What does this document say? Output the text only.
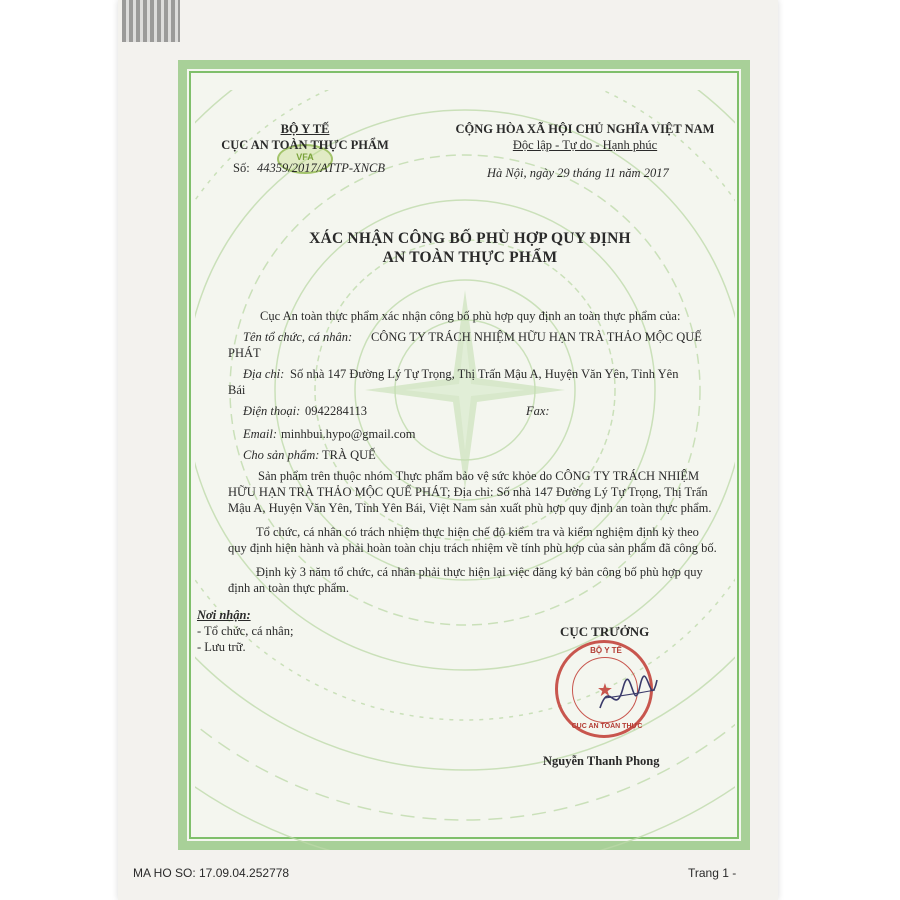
VFA
BỘ Y TẾ
CỤC AN TOÀN THỰC PHẨM
Số: 44359/2017/ATTP-XNCB
CỘNG HÒA XÃ HỘI CHỦ NGHĨA VIỆT NAM
Độc lập - Tự do - Hạnh phúc
Hà Nội, ngày 29 tháng 11 năm 2017
XÁC NHẬN CÔNG BỐ PHÙ HỢP QUY ĐỊNH
AN TOÀN THỰC PHẨM
Cục An toàn thực phẩm xác nhận công bố phù hợp quy định an toàn thực phẩm của:
Tên tổ chức, cá nhân: CÔNG TY TRÁCH NHIỆM HỮU HẠN TRÀ THẢO MỘC QUẾ
PHÁT
Địa chỉ: Số nhà 147 Đường Lý Tự Trọng, Thị Trấn Mậu A, Huyện Văn Yên, Tỉnh Yên
Bái
Điện thoại: 0942284113	Fax:
Email: minhbui.hypo@gmail.com
Cho sản phẩm: TRÀ QUẾ
Sản phẩm trên thuộc nhóm Thực phẩm bảo vệ sức khỏe do CÔNG TY TRÁCH NHIỆM
HỮU HẠN TRÀ THẢO MỘC QUẾ PHÁT; Địa chỉ: Số nhà 147 Đường Lý Tự Trọng, Thị Trấn
Mậu A, Huyện Văn Yên, Tỉnh Yên Bái, Việt Nam sản xuất phù hợp quy định an toàn thực phẩm.
Tổ chức, cá nhân có trách nhiệm thực hiện chế độ kiểm tra và kiểm nghiệm định kỳ theo
quy định hiện hành và phải hoàn toàn chịu trách nhiệm về tính phù hợp của sản phẩm đã công bố.
Định kỳ 3 năm tổ chức, cá nhân phải thực hiện lại việc đăng ký bản công bố phù hợp quy
định an toàn thực phẩm.
Nơi nhận:
- Tổ chức, cá nhân;
- Lưu trữ.
CỤC TRƯỞNG
Nguyễn Thanh Phong
MA HO SO: 17.09.04.252778	Trang 1 -
BỘ Y TẾ
★
CỤC AN TOÀN THỰC
